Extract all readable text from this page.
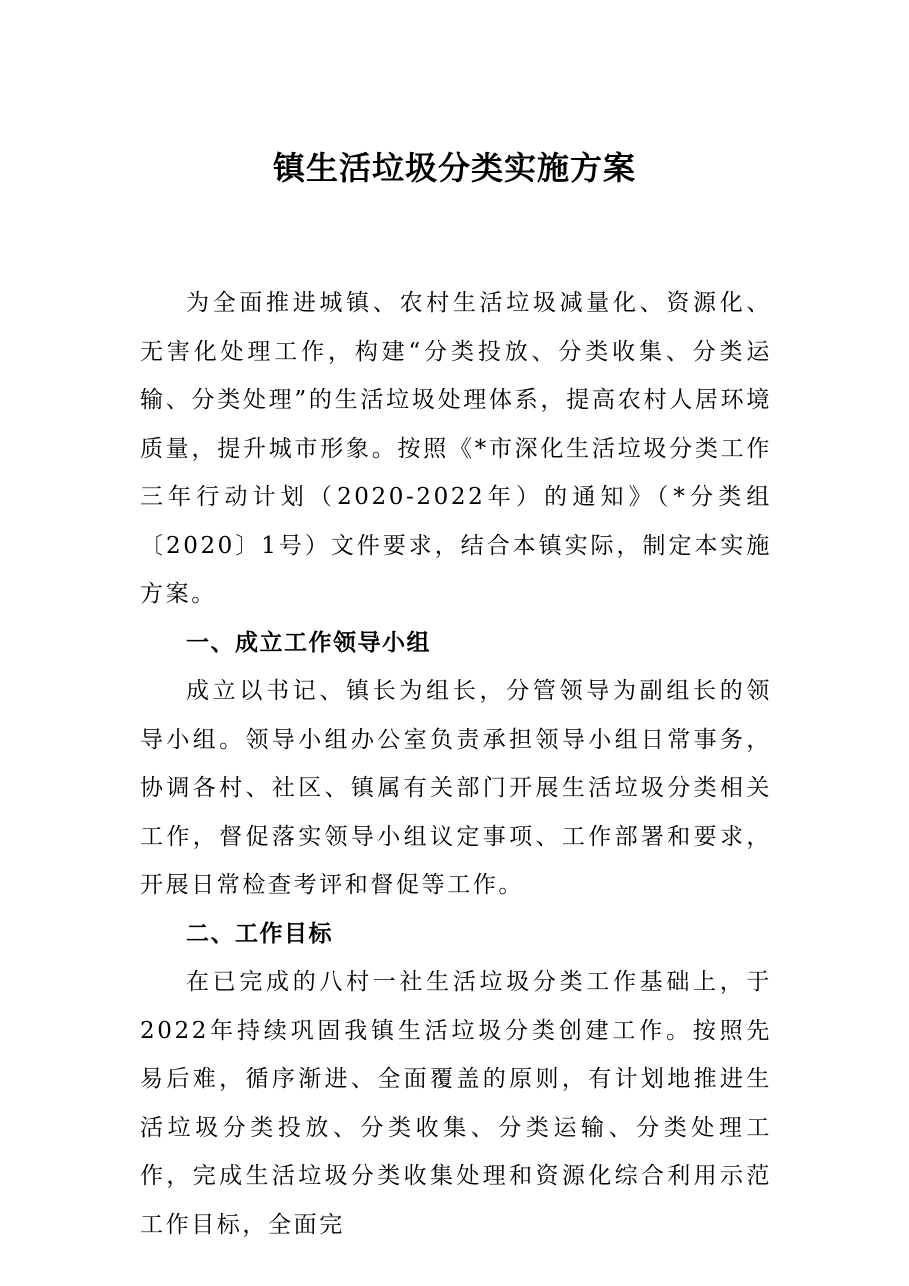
镇生活垃圾分类实施方案

为全面推进城镇、农村生活垃圾减量化、资源化、无害化处理工作，构建“分类投放、分类收集、分类运输、分类处理”的生活垃圾处理体系，提高农村人居环境质量，提升城市形象。按照《*市深化生活垃圾分类工作三年行动计划（2020-2022年）的通知》（*分类组〔2020〕1号）文件要求，结合本镇实际，制定本实施方案。

一、成立工作领导小组

成立以书记、镇长为组长，分管领导为副组长的领导小组。领导小组办公室负责承担领导小组日常事务，协调各村、社区、镇属有关部门开展生活垃圾分类相关工作，督促落实领导小组议定事项、工作部署和要求，开展日常检查考评和督促等工作。

二、工作目标

在已完成的八村一社生活垃圾分类工作基础上，于2022年持续巩固我镇生活垃圾分类创建工作。按照先易后难，循序渐进、全面覆盖的原则，有计划地推进生活垃圾分类投放、分类收集、分类运输、分类处理工作，完成生活垃圾分类收集处理和资源化综合利用示范工作目标，全面完
